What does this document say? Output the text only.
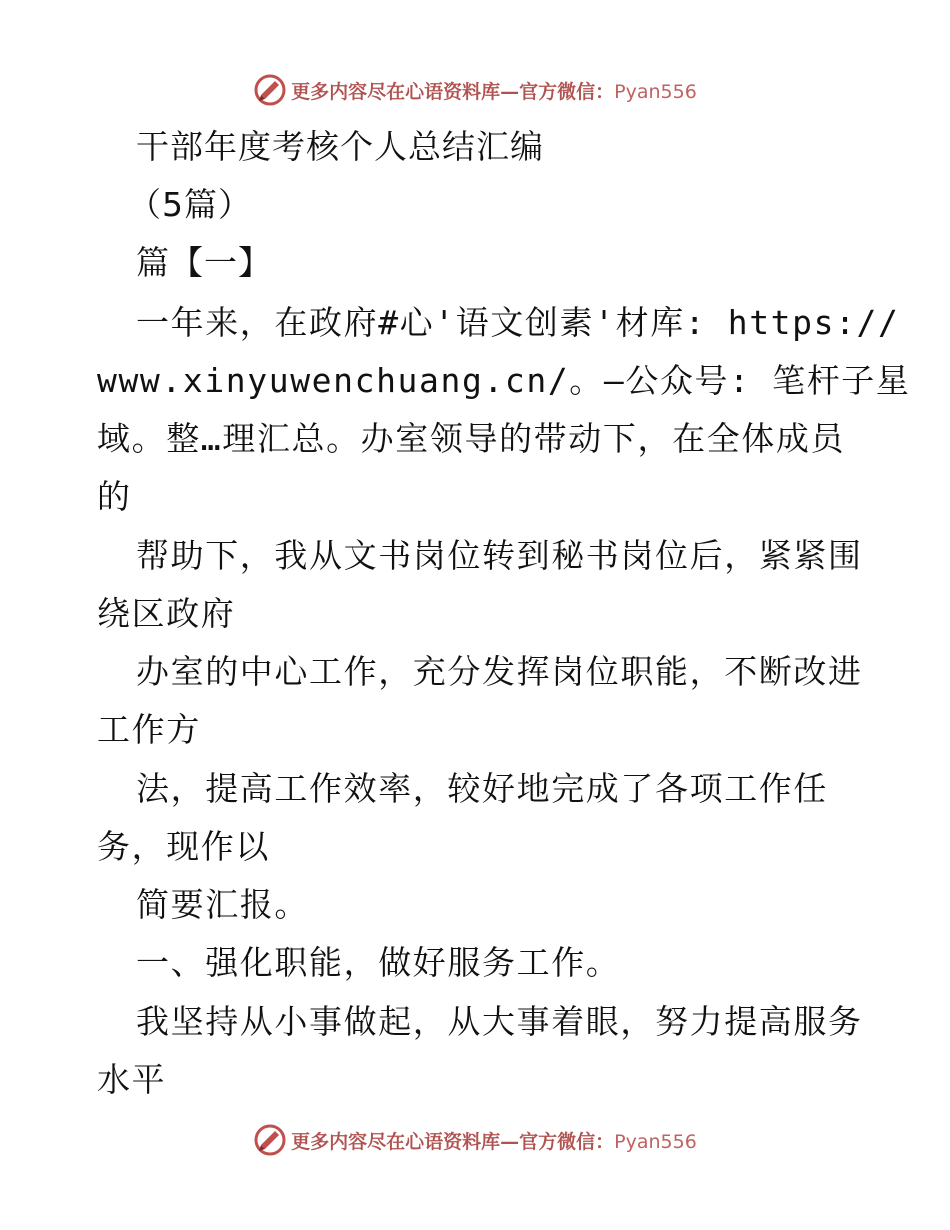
更多内容尽在心语资料库—官方微信：Pyan556
干部年度考核个人总结汇编
（5篇）
篇【一】
一年来，在政府#心'语文创素'材库: https://
www.xinyuwenchuang.cn/。—公众号: 笔杆子星
域。整…理汇总。办室领导的带动下，在全体成员
的
帮助下，我从文书岗位转到秘书岗位后，紧紧围
绕区政府
办室的中心工作，充分发挥岗位职能，不断改进
工作方
法，提高工作效率，较好地完成了各项工作任
务，现作以
简要汇报。
一、强化职能，做好服务工作。
我坚持从小事做起，从大事着眼，努力提高服务
水平
更多内容尽在心语资料库—官方微信：Pyan556
